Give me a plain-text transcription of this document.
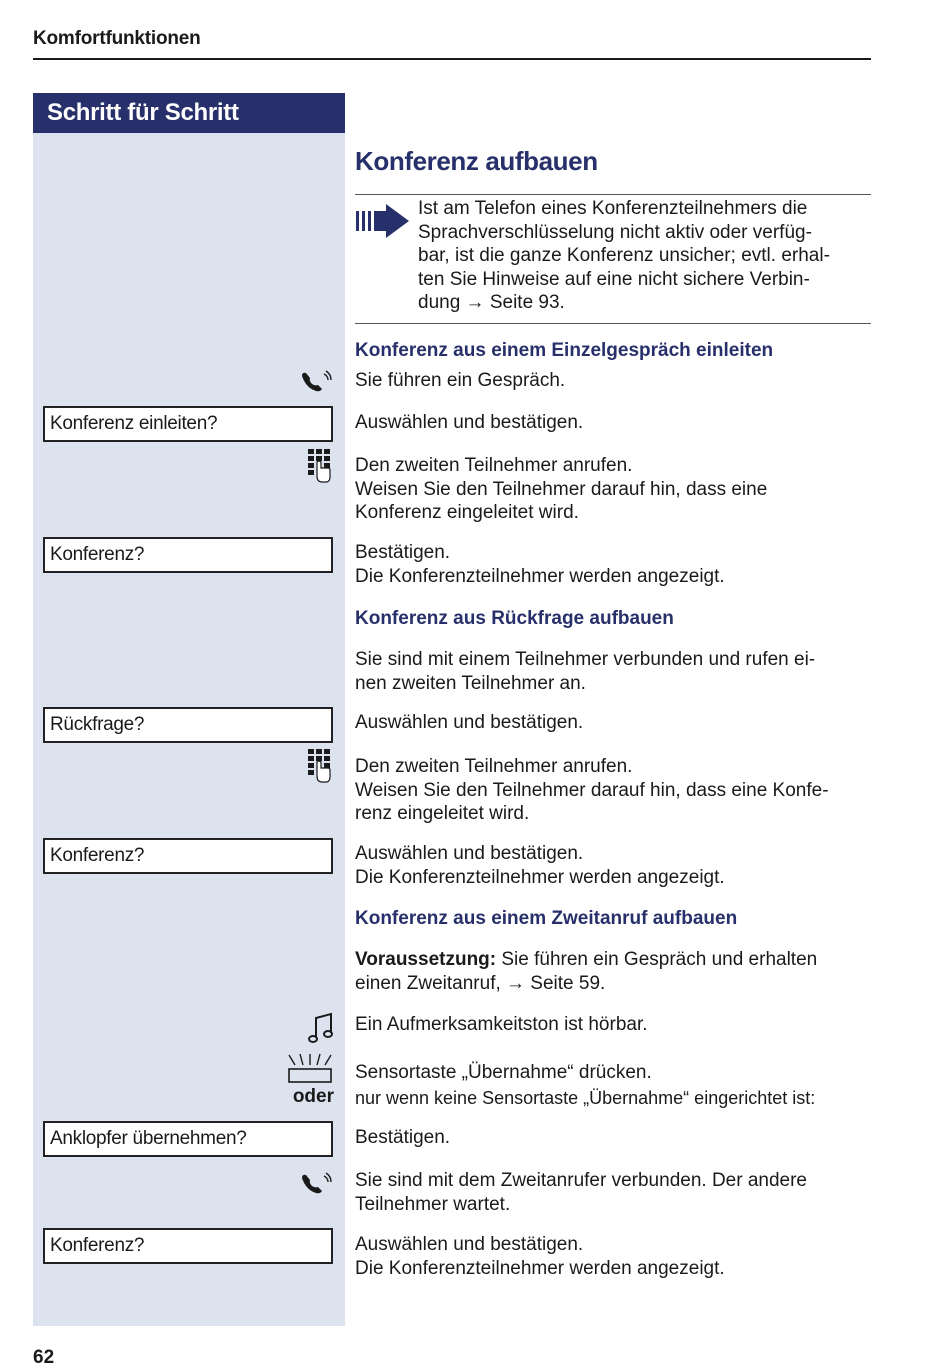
Komfortfunktionen
Schritt für Schritt
Konferenz aufbauen
Ist am Telefon eines Konferenzteilnehmers die
Sprachverschlüsselung nicht aktiv oder verfüg-
bar, ist die ganze Konferenz unsicher; evtl. erhal-
ten Sie Hinweise auf eine nicht sichere Verbin-
dung → Seite 93.
Konferenz aus einem Einzelgespräch einleiten
Sie führen ein Gespräch.
Konferenz einleiten?	Auswählen und bestätigen.
Den zweiten Teilnehmer anrufen.
Weisen Sie den Teilnehmer darauf hin, dass eine
Konferenz eingeleitet wird.
Konferenz?	Bestätigen.
Die Konferenzteilnehmer werden angezeigt.
Konferenz aus Rückfrage aufbauen
Sie sind mit einem Teilnehmer verbunden und rufen ei-
nen zweiten Teilnehmer an.
Rückfrage?	Auswählen und bestätigen.
Den zweiten Teilnehmer anrufen.
Weisen Sie den Teilnehmer darauf hin, dass eine Konfe-
renz eingeleitet wird.
Konferenz?	Auswählen und bestätigen.
Die Konferenzteilnehmer werden angezeigt.
Konferenz aus einem Zweitanruf aufbauen
Voraussetzung: Sie führen ein Gespräch und erhalten
einen Zweitanruf, → Seite 59.
Ein Aufmerksamkeitston ist hörbar.
Sensortaste „Übernahme“ drücken.
oder nur wenn keine Sensortaste „Übernahme“ eingerichtet ist:
Anklopfer übernehmen?	Bestätigen.
Sie sind mit dem Zweitanrufer verbunden. Der andere
Teilnehmer wartet.
Konferenz?	Auswählen und bestätigen.
Die Konferenzteilnehmer werden angezeigt.
62
